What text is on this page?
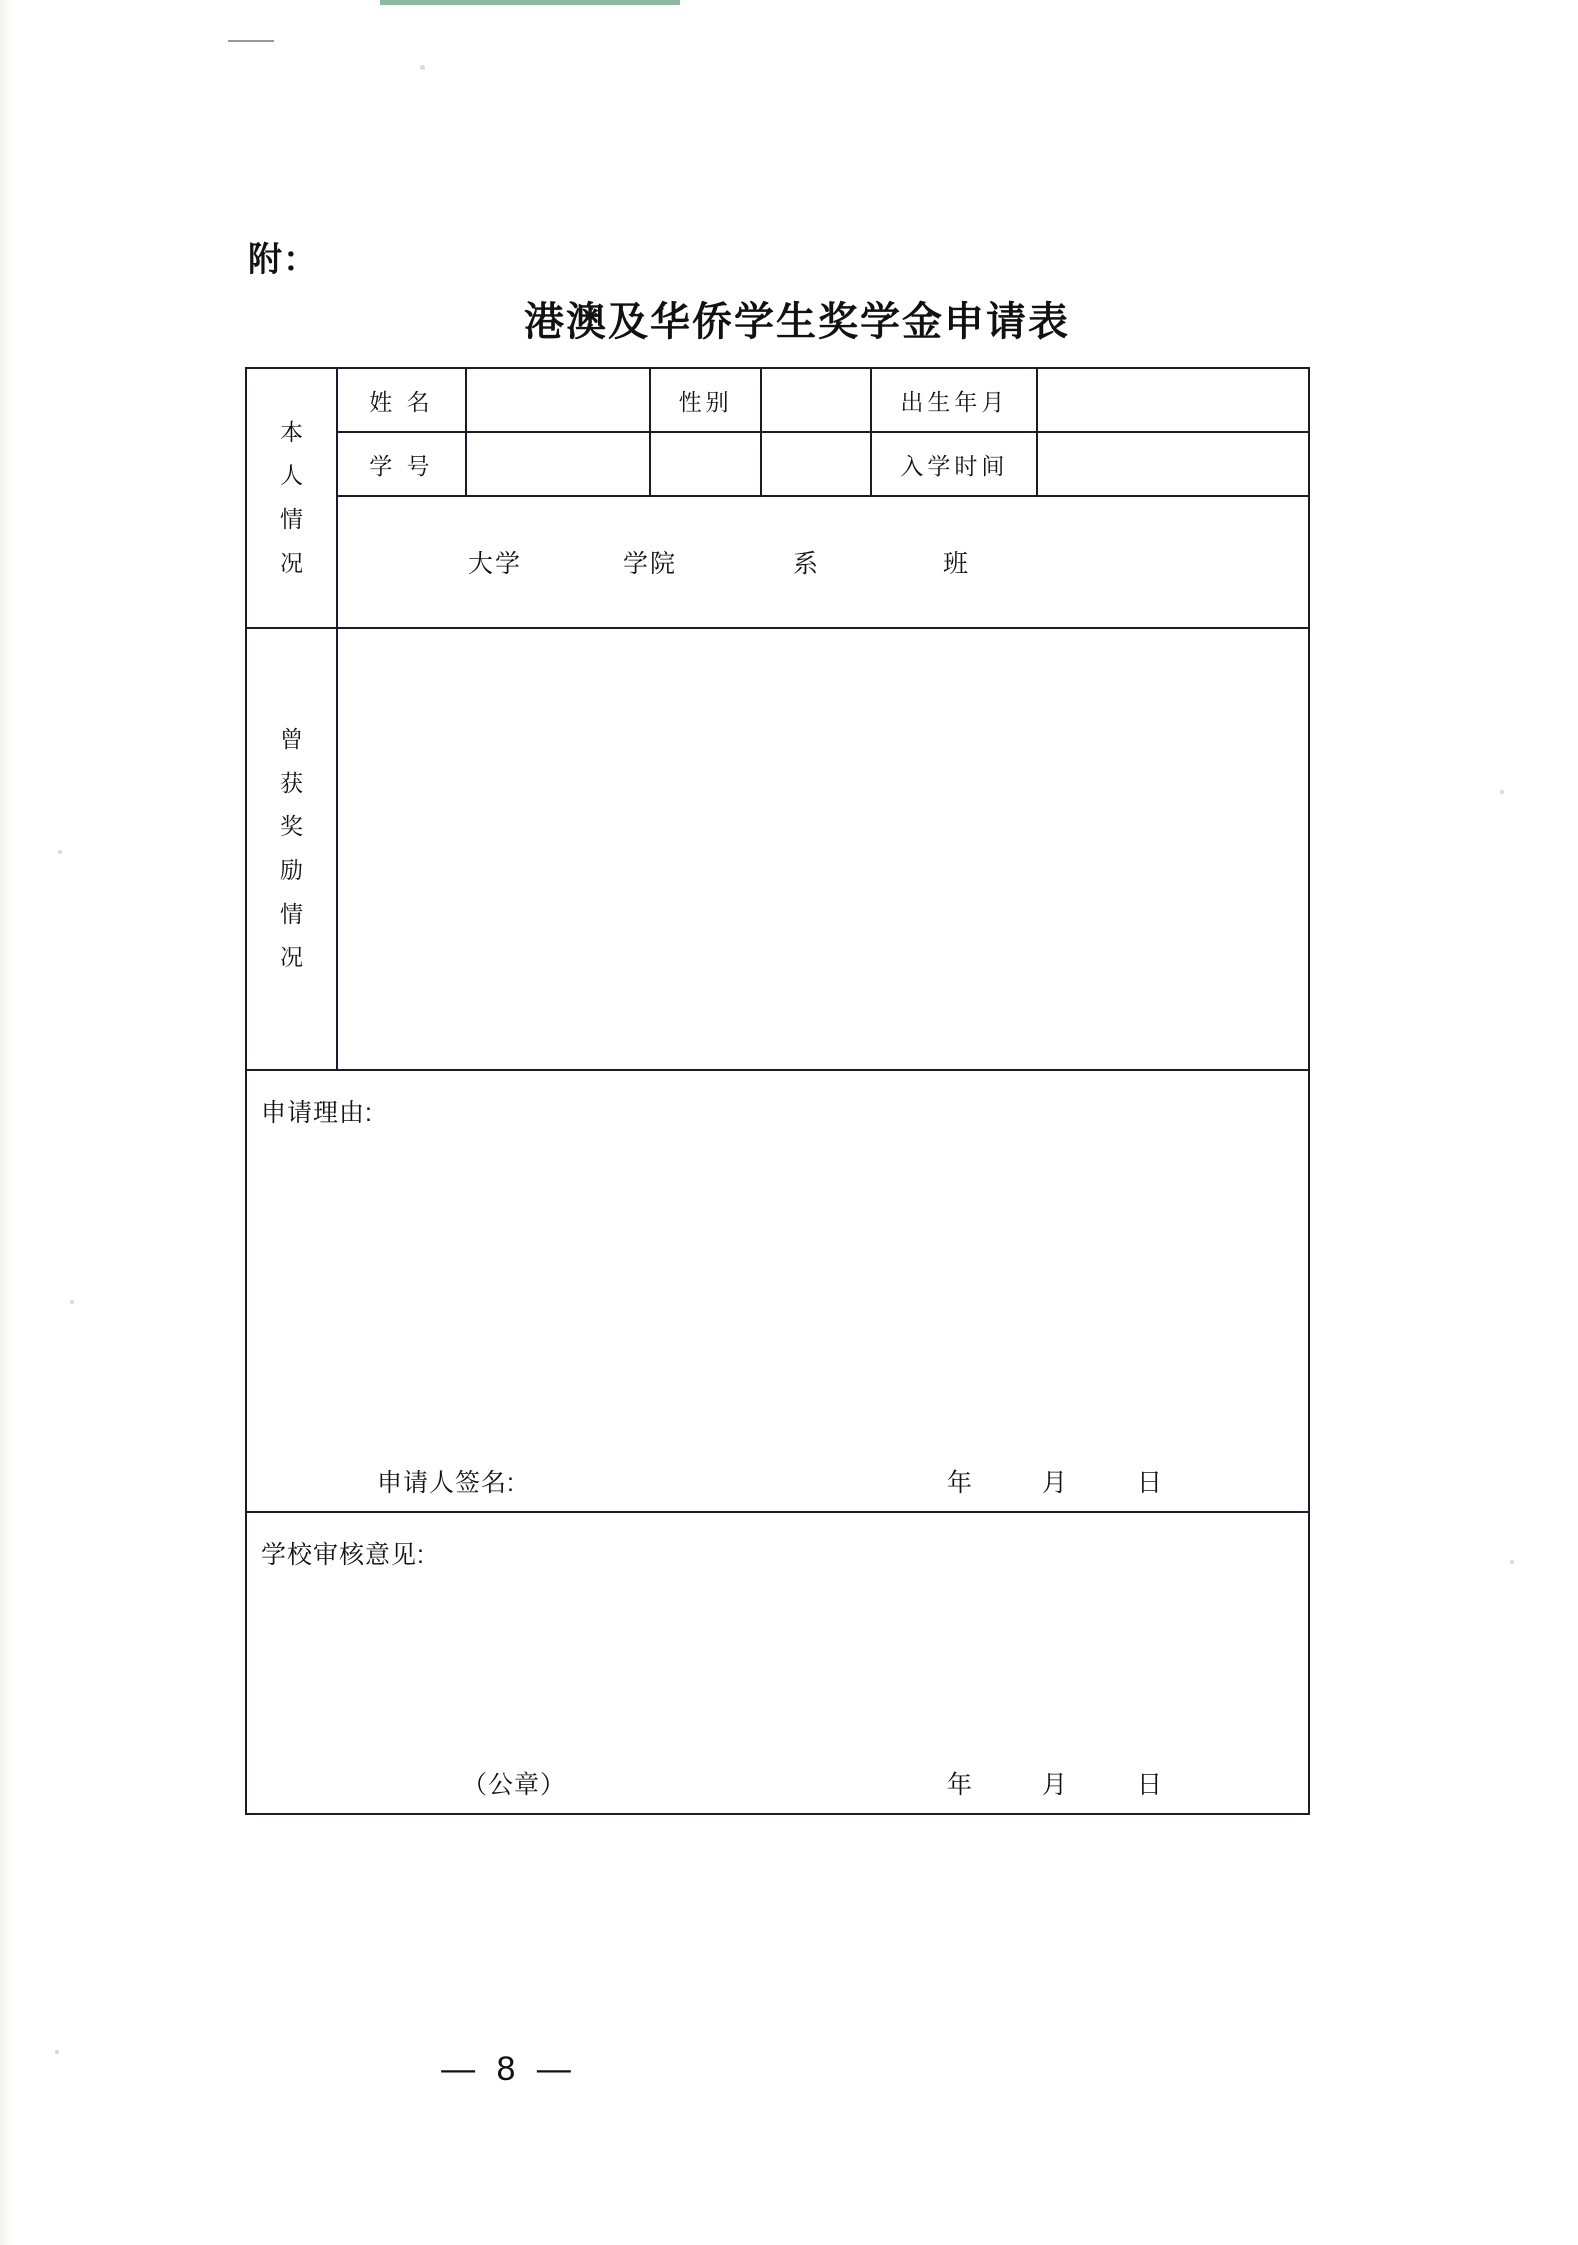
附：
港澳及华侨学生奖学金申请表
本
人
情
况	姓 名		性别		出生年月	
	学 号				入学时间	

	大学 学院 系 班					

曾
获
奖
励
情
况

申请理由:
申请人签名: 年 月 日						

学校审核意见:
（公章） 年 月 日						
— 8 —
